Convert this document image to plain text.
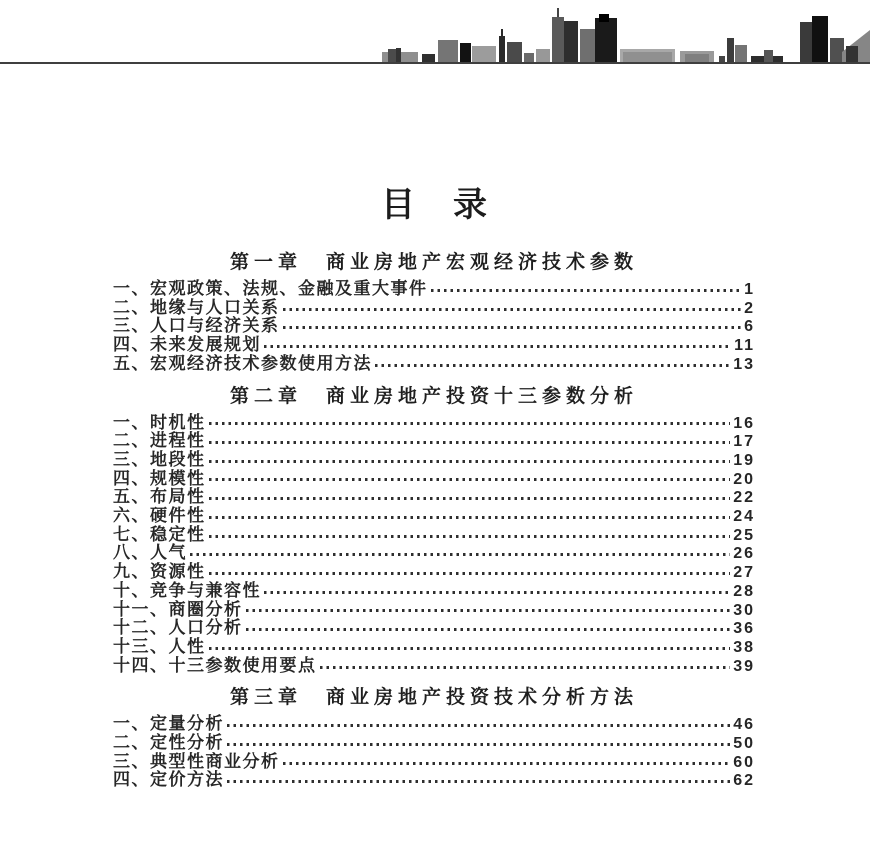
目　录
第一章　商业房地产宏观经济技术参数
一、宏观政策、法规、金融及重大事件	1
二、地缘与人口关系	2
三、人口与经济关系	6
四、未来发展规划	11
五、宏观经济技术参数使用方法	13
第二章　商业房地产投资十三参数分析
一、时机性	16
二、进程性	17
三、地段性	19
四、规模性	20
五、布局性	22
六、硬件性	24
七、稳定性	25
八、人气	26
九、资源性	27
十、竞争与兼容性	28
十一、商圈分析	30
十二、人口分析	36
十三、人性	38
十四、十三参数使用要点	39
第三章　商业房地产投资技术分析方法
一、定量分析	46
二、定性分析	50
三、典型性商业分析	60
四、定价方法	62
